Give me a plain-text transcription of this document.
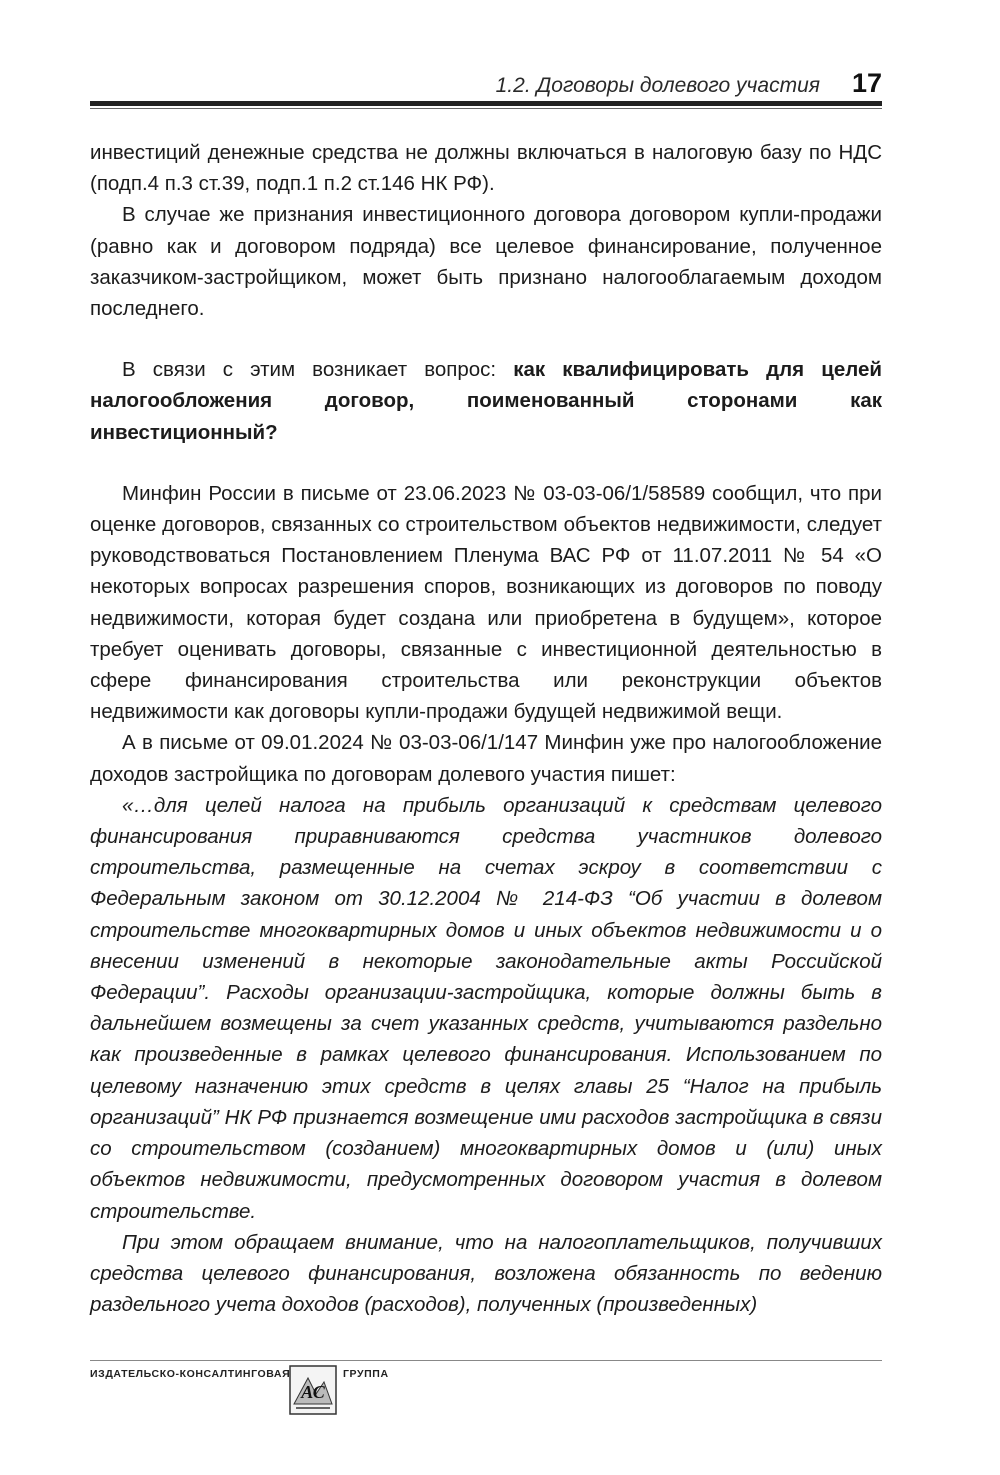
1.2. Договоры долевого участия 17

инвестиций денежные средства не должны включаться в налоговую базу по НДС (подп.4 п.3 ст.39, подп.1 п.2 ст.146 НК РФ).

В случае же признания инвестиционного договора договором купли-продажи (равно как и договором подряда) все целевое финансирование, полученное заказчиком-застройщиком, может быть признано налогооблагаемым доходом последнего.

В связи с этим возникает вопрос: как квалифицировать для целей налогообложения договор, поименованный сторонами как инвестиционный?

Минфин России в письме от 23.06.2023 № 03-03-06/1/58589 сообщил, что при оценке договоров, связанных со строительством объектов недвижимости, следует руководствоваться Постановлением Пленума ВАС РФ от 11.07.2011 № 54 «О некоторых вопросах разрешения споров, возникающих из договоров по поводу недвижимости, которая будет создана или приобретена в будущем», которое требует оценивать договоры, связанные с инвестиционной деятельностью в сфере финансирования строительства или реконструкции объектов недвижимости как договоры купли-продажи будущей недвижимой вещи.

А в письме от 09.01.2024 № 03-03-06/1/147 Минфин уже про налогообложение доходов застройщика по договорам долевого участия пишет:

«…для целей налога на прибыль организаций к средствам целевого финансирования приравниваются средства участников долевого строительства, размещенные на счетах эскроу в соответствии с Федеральным законом от 30.12.2004 № 214-ФЗ “Об участии в долевом строительстве многоквартирных домов и иных объектов недвижимости и о внесении изменений в некоторые законодательные акты Российской Федерации”. Расходы организации-застройщика, которые должны быть в дальнейшем возмещены за счет указанных средств, учитываются раздельно как произведенные в рамках целевого финансирования. Использованием по целевому назначению этих средств в целях главы 25 “Налог на прибыль организаций” НК РФ признается возмещение ими расходов застройщика в связи со строительством (созданием) многоквартирных домов и (или) иных объектов недвижимости, предусмотренных договором участия в долевом строительстве.

При этом обращаем внимание, что на налогоплательщиков, получивших средства целевого финансирования, возложена обязанность по ведению раздельного учета доходов (расходов), полученных (произведенных)

ИЗДАТЕЛЬСКО-КОНСАЛТИНГОВАЯ
АС
ГРУППА
